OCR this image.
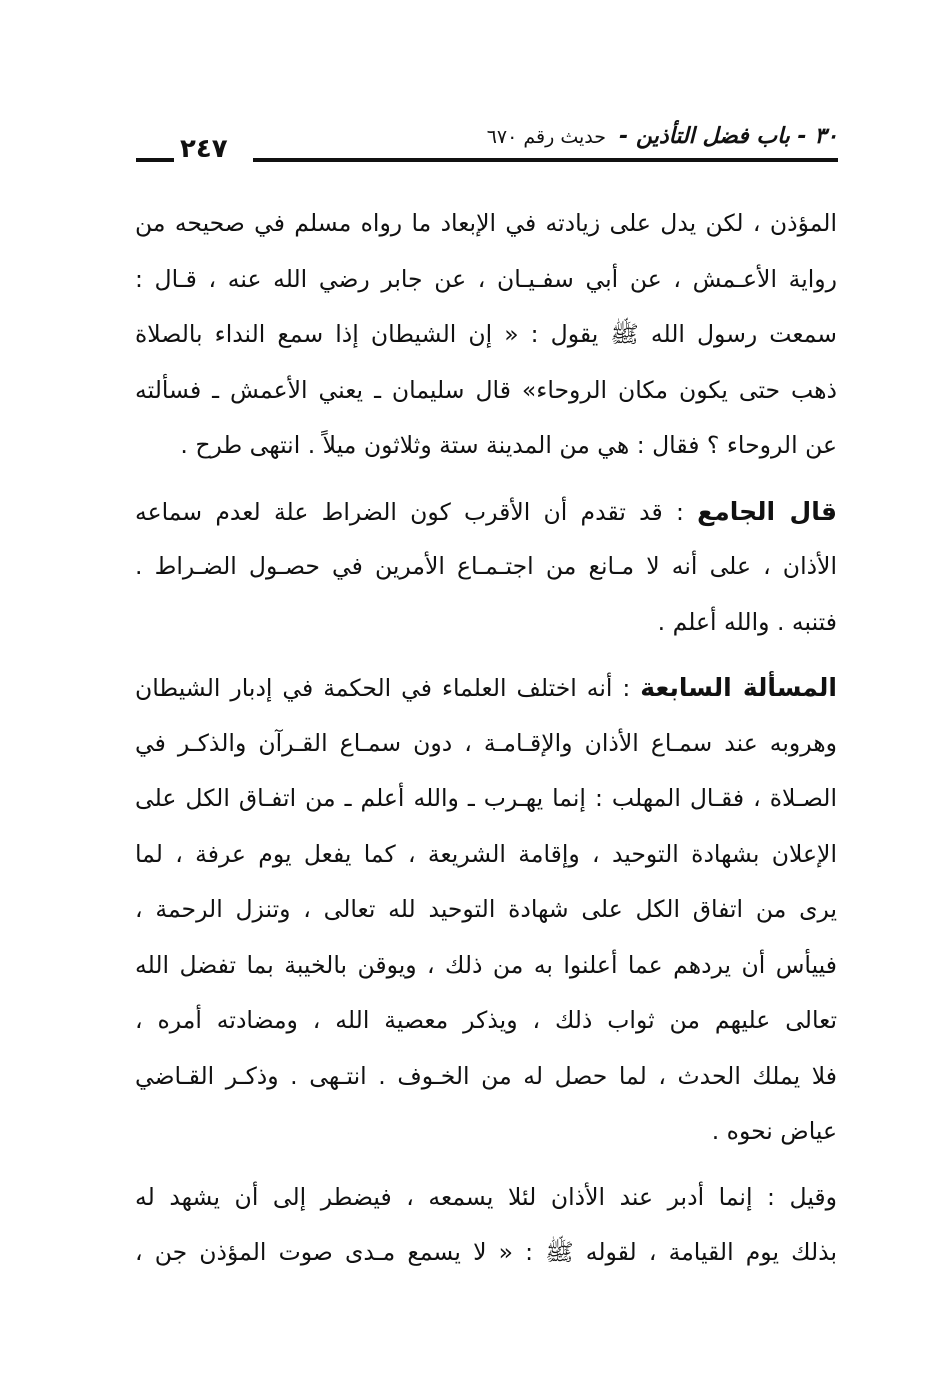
٣٠ - باب فضل التأذين -
حديث رقم ٦٧٠
٢٤٧
المؤذن ، لكن يدل على زيادته في الإبعاد ما رواه مسلم في صحيحه من
رواية الأعـمش ، عن أبي سفـيـان ، عن جابر رضي الله عنه ، قـال :
سمعت رسول الله ﷺ يقول : « إن الشيطان إذا سمع النداء بالصلاة
ذهب حتى يكون مكان الروحاء» قال سليمان ـ يعني الأعمش ـ فسألته
عن الروحاء ؟ فقال : هي من المدينة ستة وثلاثون ميلاً . انتهى طرح .
قال الجامع : قد تقدم أن الأقرب كون الضراط علة لعدم سماعه
الأذان ، على أنه لا مـانع من اجتـمـاع الأمرين في حصـول الضـراط .
فتنبه . والله أعلم .
المسألة السابعة : أنه اختلف العلماء في الحكمة في إدبار الشيطان
وهروبه عند سمـاع الأذان والإقـامـة ، دون سمـاع القـرآن والذكـر في
الصـلاة ، فقـال المهلب : إنما يهـرب ـ والله أعلم ـ من اتفـاق الكل على
الإعلان بشهادة التوحيد ، وإقامة الشريعة ، كما يفعل يوم عرفة ، لما
يرى من اتفاق الكل على شهادة التوحيد لله تعالى ، وتنزل الرحمة ،
فييأس أن يردهم عما أعلنوا به من ذلك ، ويوقن بالخيبة بما تفضل الله
تعالى عليهم من ثواب ذلك ، ويذكر معصية الله ، ومضادته أمره ،
فلا يملك الحدث ، لما حصل له من الخـوف . انتـهى . وذكـر القـاضي
عياض نحوه .
وقيل : إنما أدبر عند الأذان لئلا يسمعه ، فيضطر إلى أن يشهد له
بذلك يوم القيامة ، لقوله ﷺ : « لا يسمع مـدى صوت المؤذن جن ،
